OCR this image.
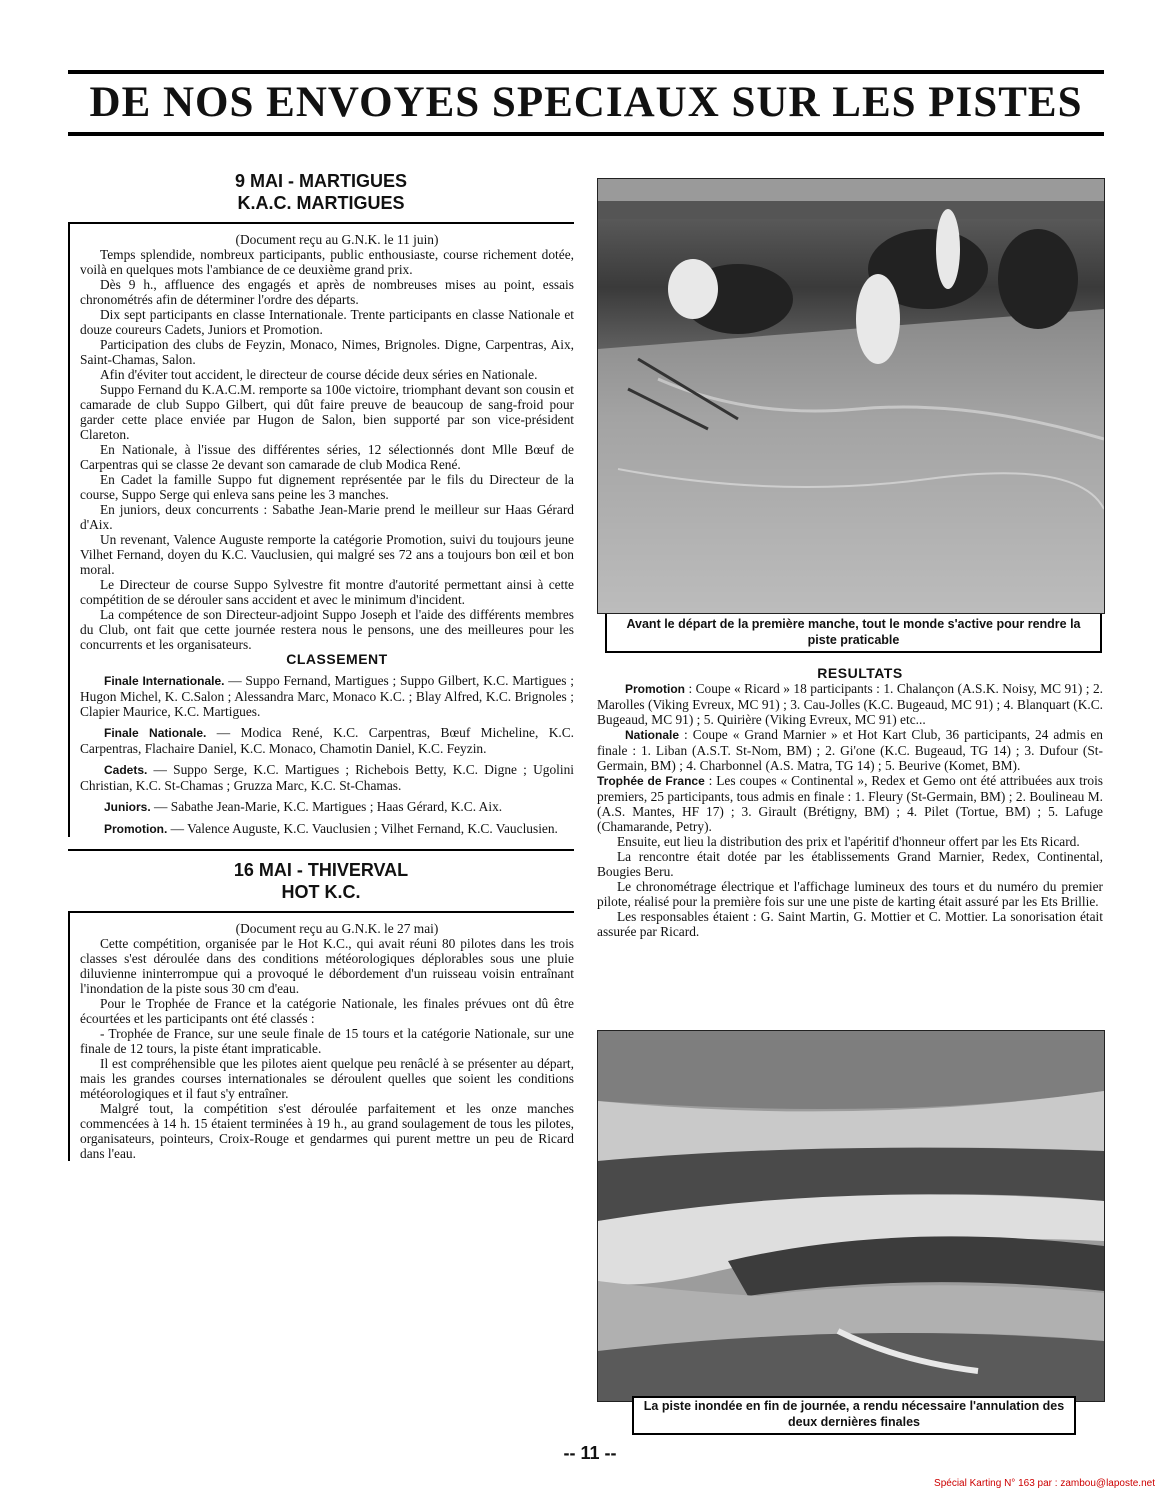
DE NOS ENVOYES SPECIAUX SUR LES PISTES
9 MAI - MARTIGUES
K.A.C. MARTIGUES

(Document reçu au G.N.K. le 11 juin)

Temps splendide, nombreux participants, public enthousiaste, course richement dotée, voilà en quelques mots l'ambiance de ce deuxième grand prix.

Dès 9 h., affluence des engagés et après de nombreuses mises au point, essais chronométrés afin de déterminer l'ordre des départs.

Dix sept participants en classe Internationale. Trente participants en classe Nationale et douze coureurs Cadets, Juniors et Promotion.

Participation des clubs de Feyzin, Monaco, Nimes, Brignoles. Digne, Carpentras, Aix, Saint-Chamas, Salon.

Afin d'éviter tout accident, le directeur de course décide deux séries en Nationale.

Suppo Fernand du K.A.C.M. remporte sa 100e victoire, triomphant devant son cousin et camarade de club Suppo Gilbert, qui dût faire preuve de beaucoup de sang-froid pour garder cette place enviée par Hugon de Salon, bien supporté par son vice-président Clareton.

En Nationale, à l'issue des différentes séries, 12 sélectionnés dont Mlle Bœuf de Carpentras qui se classe 2e devant son camarade de club Modica René.

En Cadet la famille Suppo fut dignement représentée par le fils du Directeur de la course, Suppo Serge qui enleva sans peine les 3 manches.

En juniors, deux concurrents : Sabathe Jean-Marie prend le meilleur sur Haas Gérard d'Aix.

Un revenant, Valence Auguste remporte la catégorie Promotion, suivi du toujours jeune Vilhet Fernand, doyen du K.C. Vauclusien, qui malgré ses 72 ans a toujours bon œil et bon moral.

Le Directeur de course Suppo Sylvestre fit montre d'autorité permettant ainsi à cette compétition de se dérouler sans accident et avec le minimum d'incident.

La compétence de son Directeur-adjoint Suppo Joseph et l'aide des différents membres du Club, ont fait que cette journée restera nous le pensons, une des meilleures pour les concurrents et les organisateurs.

CLASSEMENT

Finale Internationale. — Suppo Fernand, Martigues ; Suppo Gilbert, K.C. Martigues ; Hugon Michel, K. C.Salon ; Alessandra Marc, Monaco K.C. ; Blay Alfred, K.C. Brignoles ; Clapier Maurice, K.C. Martigues.

Finale Nationale. — Modica René, K.C. Carpentras, Bœuf Micheline, K.C. Carpentras, Flachaire Daniel, K.C. Monaco, Chamotin Daniel, K.C. Feyzin.

Cadets. — Suppo Serge, K.C. Martigues ; Richebois Betty, K.C. Digne ; Ugolini Christian, K.C. St-Chamas ; Gruzza Marc, K.C. St-Chamas.

Juniors. — Sabathe Jean-Marie, K.C. Martigues ; Haas Gérard, K.C. Aix.

Promotion. — Valence Auguste, K.C. Vauclusien ; Vilhet Fernand, K.C. Vauclusien.

16 MAI - THIVERVAL
HOT K.C.

(Document reçu au G.N.K. le 27 mai)

Cette compétition, organisée par le Hot K.C., qui avait réuni 80 pilotes dans les trois classes s'est déroulée dans des conditions météorologiques déplorables sous une pluie diluvienne ininterrompue qui a provoqué le débordement d'un ruisseau voisin entraînant l'inondation de la piste sous 30 cm d'eau.

Pour le Trophée de France et la catégorie Nationale, les finales prévues ont dû être écourtées et les participants ont été classés :

- Trophée de France, sur une seule finale de 15 tours et la catégorie Nationale, sur une finale de 12 tours, la piste étant impraticable.

Il est compréhensible que les pilotes aient quelque peu renâclé à se présenter au départ, mais les grandes courses internationales se déroulent quelles que soient les conditions météorologiques et il faut s'y entraîner.

Malgré tout, la compétition s'est déroulée parfaitement et les onze manches commencées à 14 h. 15 étaient terminées à 19 h., au grand soulagement de tous les pilotes, organisateurs, pointeurs, Croix-Rouge et gendarmes qui purent mettre un peu de Ricard dans l'eau.

Avant le départ de la première manche, tout le monde s'active pour rendre la piste praticable

RESULTATS

Promotion : Coupe « Ricard » 18 participants : 1. Chalançon (A.S.K. Noisy, MC 91) ; 2. Marolles (Viking Evreux, MC 91) ; 3. Cau-Jolles (K.C. Bugeaud, MC 91) ; 4. Blanquart (K.C. Bugeaud, MC 91) ; 5. Quirière (Viking Evreux, MC 91) etc...

Nationale : Coupe « Grand Marnier » et Hot Kart Club, 36 participants, 24 admis en finale : 1. Liban (A.S.T. St-Nom, BM) ; 2. Gi'one (K.C. Bugeaud, TG 14) ; 3. Dufour (St-Germain, BM) ; 4. Charbonnel (A.S. Matra, TG 14) ; 5. Beurive (Komet, BM).

Trophée de France : Les coupes « Continental », Redex et Gemo ont été attribuées aux trois premiers, 25 participants, tous admis en finale : 1. Fleury (St-Germain, BM) ; 2. Boulineau M. (A.S. Mantes, HF 17) ; 3. Girault (Brétigny, BM) ; 4. Pilet (Tortue, BM) ; 5. Lafuge (Chamarande, Petry).

Ensuite, eut lieu la distribution des prix et l'apéritif d'honneur offert par les Ets Ricard.

La rencontre était dotée par les établissements Grand Marnier, Redex, Continental, Bougies Beru.

Le chronométrage électrique et l'affichage lumineux des tours et du numéro du premier pilote, réalisé pour la première fois sur une une piste de karting était assuré par les Ets Brillie.

Les responsables étaient : G. Saint Martin, G. Mottier et C. Mottier. La sonorisation était assurée par Ricard.

La piste inondée en fin de journée, a rendu nécessaire l'annulation des deux dernières finales
-- 11 --
Spécial Karting N° 163 par : zambou@laposte.net
